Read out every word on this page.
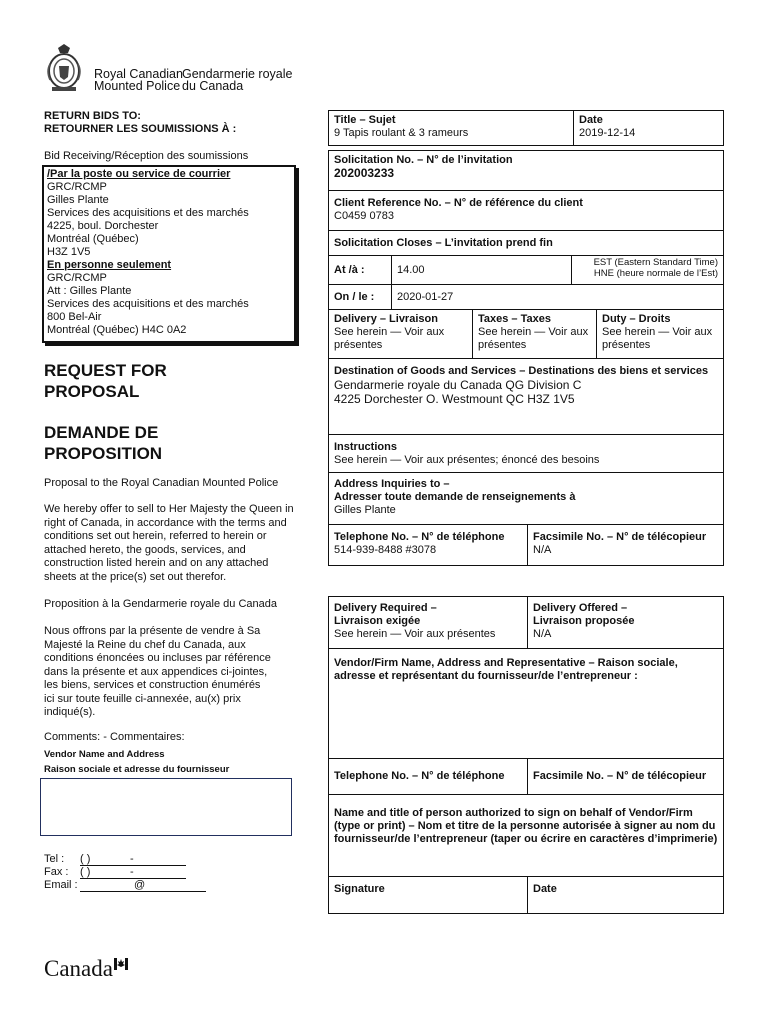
Royal Canadian
Mounted Police
Gendarmerie royale
du Canada
RETURN BIDS TO:
RETOURNER LES SOUMISSIONS À :
Bid Receiving/Réception des soumissions
/Par la poste ou service de courrier
GRC/RCMP
Gilles Plante
Services des acquisitions et des marchés
4225, boul. Dorchester
Montréal (Québec)
H3Z 1V5
En personne seulement
GRC/RCMP
Att : Gilles Plante
Services des acquisitions et des marchés
800 Bel-Air
Montréal (Québec) H4C 0A2
REQUEST FOR
PROPOSAL
DEMANDE DE
PROPOSITION
Proposal to the Royal Canadian Mounted Police
We hereby offer to sell to Her Majesty the Queen in
right of Canada, in accordance with the terms and
conditions set out herein, referred to herein or
attached hereto, the goods, services, and
construction listed herein and on any attached
sheets at the price(s) set out therefor.
Proposition à la Gendarmerie royale du Canada
Nous offrons par la présente de vendre à Sa
Majesté la Reine du chef du Canada, aux
conditions énoncées ou incluses par référence
dans la présente et aux appendices ci-jointes,
les biens, services et construction énumérés
ici sur toute feuille ci-annexée, au(x) prix
indiqué(s).
Comments: - Commentaires:
Vendor Name and Address
Raison sociale et adresse du fournisseur
Tel : ( )	-
Fax : ( )	-
Email :	@
Canada
Title – Sujet
9 Tapis roulant & 3 rameurs
Date
2019-12-14
Solicitation No. – N° de l’invitation
202003233
Client Reference No. – N° de référence du client
C0459 0783
Solicitation Closes – L’invitation prend fin
At /à :	14.00
EST (Eastern Standard Time)
HNE (heure normale de l’Est)
On / le :	2020-01-27
Delivery – Livraison
See herein — Voir aux présentes
Taxes – Taxes
See herein — Voir aux présentes
Duty – Droits
See herein — Voir aux présentes
Destination of Goods and Services – Destinations des biens et services
Gendarmerie royale du Canada QG Division C
4225 Dorchester O. Westmount QC H3Z 1V5
Instructions
See herein — Voir aux présentes; énoncé des besoins
Address Inquiries to –
Adresser toute demande de renseignements à
Gilles Plante
Telephone No. – N° de téléphone
514-939-8488 #3078
Facsimile No. – N° de télécopieur
N/A
Delivery Required –
Livraison exigée
See herein — Voir aux présentes
Delivery Offered –
Livraison proposée
N/A
Vendor/Firm Name, Address and Representative – Raison sociale, adresse et représentant du fournisseur/de l’entrepreneur :
Telephone No. – N° de téléphone	Facsimile No. – N° de télécopieur
Name and title of person authorized to sign on behalf of Vendor/Firm (type or print) – Nom et titre de la personne autorisée à signer au nom du fournisseur/de l’entrepreneur (taper ou écrire en caractères d’imprimerie)
Signature	Date
